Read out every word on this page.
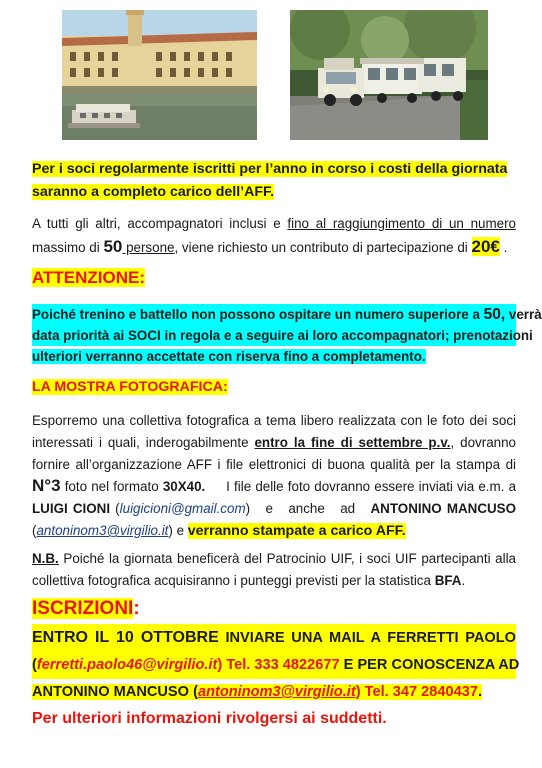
Per i soci regolarmente iscritti per l’anno in corso i costi della giornata
saranno a completo carico dell’AFF.
A tutti gli altri, accompagnatori inclusi e fino al raggiungimento di un numero
massimo di 50 persone, viene richiesto un contributo di partecipazione di 20€ .
ATTENZIONE:
Poiché trenino e battello non possono ospitare un numero superiore a 50, verrà
data priorità ai SOCI in regola e a seguire ai loro accompagnatori; prenotazioni
ulteriori verranno accettate con riserva fino a completamento.
LA MOSTRA FOTOGRAFICA:
Esporremo una collettiva fotografica a tema libero realizzata con le foto dei soci
interessati i quali, inderogabilmente entro la fine di settembre p.v., dovranno
fornire all’organizzazione AFF i file elettronici di buona qualità per la stampa di
N°3 foto nel formato 30X40.     I file delle foto dovranno essere inviati via e.m. a
LUIGI CIONI (luigicioni@gmail.com)   e   anche   ad   ANTONINO MANCUSO
(antoninom3@virgilio.it) e verranno stampate a carico AFF.
N.B. Poiché la giornata beneficerà del Patrocinio UIF, i soci UIF partecipanti alla
collettiva fotografica acquisiranno i punteggi previsti per la statistica BFA.
ISCRIZIONI:
ENTRO IL 10 OTTOBRE INVIARE UNA MAIL A FERRETTI PAOLO
(ferretti.paolo46@virgilio.it) Tel. 333 4822677 E PER CONOSCENZA AD
ANTONINO MANCUSO (antoninom3@virgilio.it) Tel. 347 2840437.
Per ulteriori informazioni rivolgersi ai suddetti.
